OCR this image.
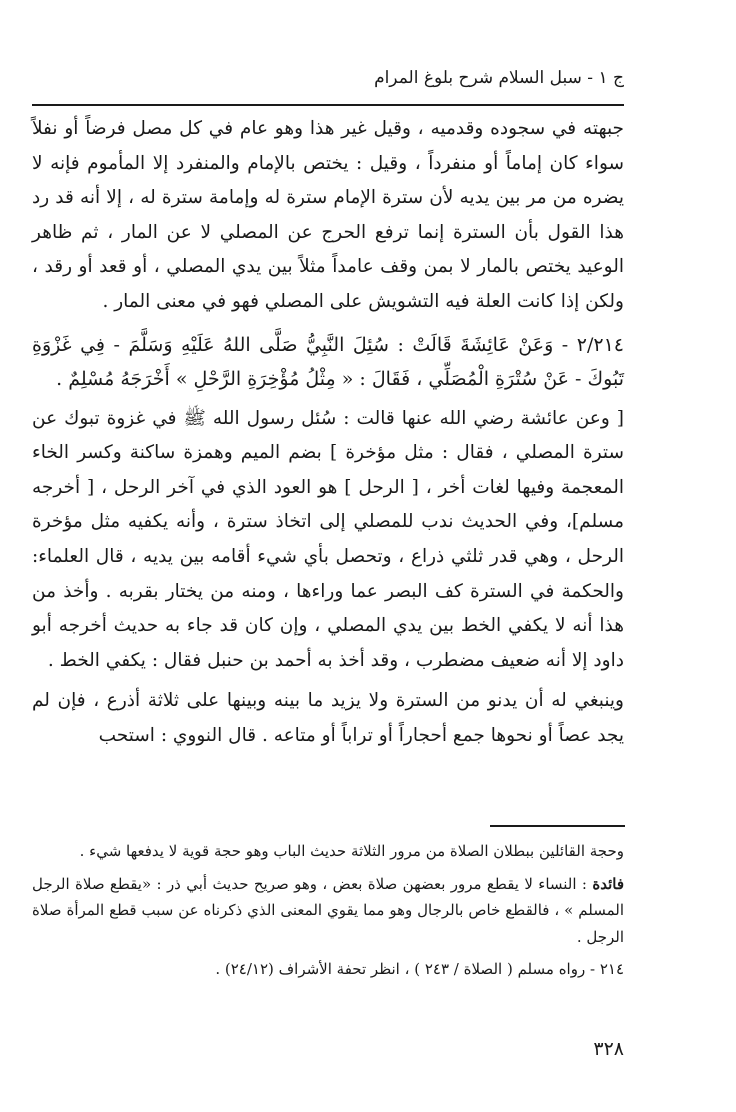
ج ١ - سبل السلام شرح بلوغ المرام

جبهته في سجوده وقدميه ، وقيل غير هذا وهو عام في كل مصل فرضاً أو نفلاً سواء كان إماماً أو منفرداً ، وقيل : يختص بالإمام والمنفرد إلا المأموم فإنه لا يضره من مر بين يديه لأن سترة الإمام سترة له وإمامة سترة له ، إلا أنه قد رد هذا القول بأن السترة إنما ترفع الحرج عن المصلي لا عن المار ، ثم ظاهر الوعيد يختص بالمار لا بمن وقف عامداً مثلاً بين يدي المصلي ، أو قعد أو رقد ، ولكن إذا كانت العلة فيه التشويش على المصلي فهو في معنى المار .

٢/٢١٤ - وَعَنْ عَائِشَةَ قَالَتْ : سُئِلَ النَّبِيُّ صَلَّى اللهُ عَلَيْهِ وَسَلَّمَ - فِي غَزْوَةِ تَبُوكَ - عَنْ سُتْرَةِ الْمُصَلِّي ، فَقَالَ : « مِثْلُ مُؤْخِرَةِ الرَّحْلِ » أَخْرَجَهُ مُسْلِمٌ .

[ وعن عائشة رضي الله عنها قالت : سُئل رسول الله ﷺ في غزوة تبوك عن سترة المصلي ، فقال : مثل مؤخرة ] بضم الميم وهمزة ساكنة وكسر الخاء المعجمة وفيها لغات أخر ، [ الرحل ] هو العود الذي في آخر الرحل ، [ أخرجه مسلم]، وفي الحديث ندب للمصلي إلى اتخاذ سترة ، وأنه يكفيه مثل مؤخرة الرحل ، وهي قدر ثلثي ذراع ، وتحصل بأي شيء أقامه بين يديه ، قال العلماء: والحكمة في السترة كف البصر عما وراءها ، ومنه من يختار بقربه . وأخذ من هذا أنه لا يكفي الخط بين يدي المصلي ، وإن كان قد جاء به حديث أخرجه أبو داود إلا أنه ضعيف مضطرب ، وقد أخذ به أحمد بن حنبل فقال : يكفي الخط .

وينبغي له أن يدنو من السترة ولا يزيد ما بينه وبينها على ثلاثة أذرع ، فإن لم يجد عصاً أو نحوها جمع أحجاراً أو تراباً أو متاعه . قال النووي : استحب

وحجة القائلين ببطلان الصلاة من مرور الثلاثة حديث الباب وهو حجة قوية لا يدفعها شيء .

فائدة : النساء لا يقطع مرور بعضهن صلاة بعض ، وهو صريح حديث أبي ذر : «يقطع صلاة الرجل المسلم » ، فالقطع خاص بالرجال وهو مما يقوي المعنى الذي ذكرناه عن سبب قطع المرأة صلاة الرجل .

٢١٤ - رواه مسلم ( الصلاة / ٢٤٣ ) ، انظر تحفة الأشراف (٢٤/١٢) .

٣٢٨
